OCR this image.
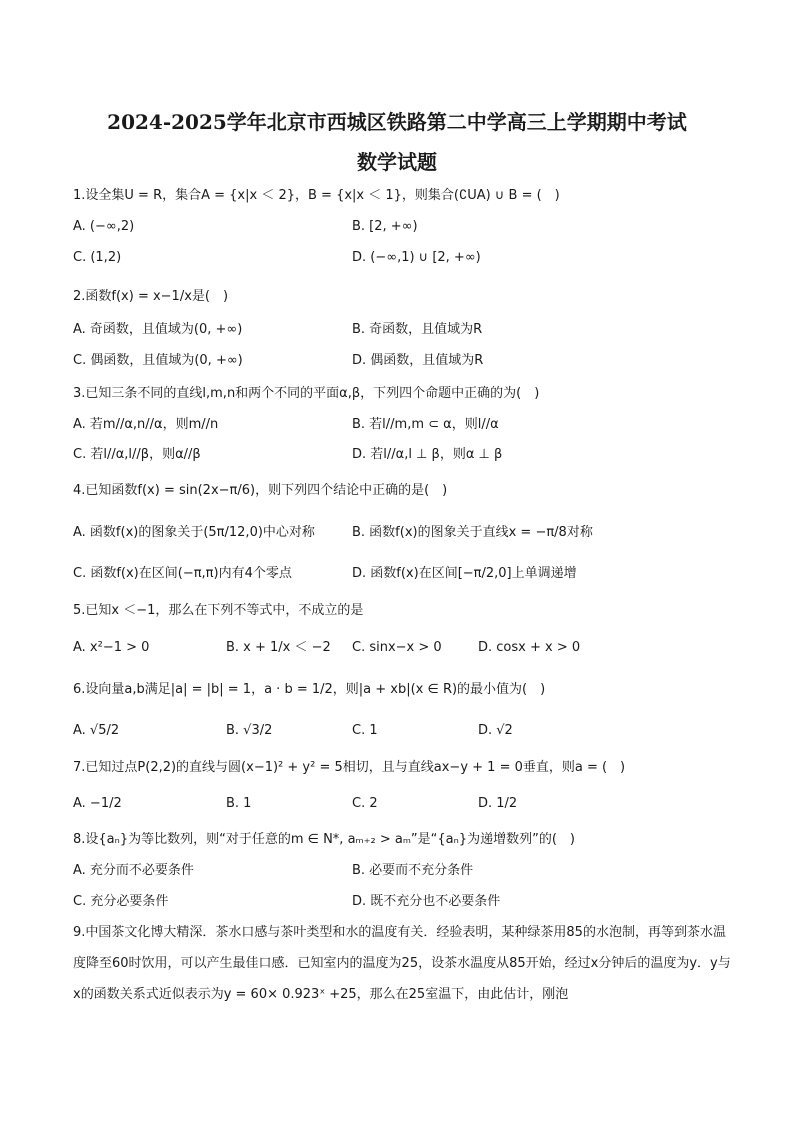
2024-2025学年北京市西城区铁路第二中学高三上学期期中考试
数学试题
1.设全集U = R，集合A = {x|x ＜ 2}，B = {x|x ＜ 1}，则集合(∁UA) ∪ B = (　)
A. (−∞,2)	B. [2, +∞)
C. (1,2)	D. (−∞,1) ∪ [2, +∞)
2.函数f(x) = x−1/x是(　)
A. 奇函数，且值域为(0, +∞)	B. 奇函数，且值域为R
C. 偶函数，且值域为(0, +∞)	D. 偶函数，且值域为R
3.已知三条不同的直线l,m,n和两个不同的平面α,β，下列四个命题中正确的为(　)
A. 若m//α,n//α，则m//n	B. 若l//m,m ⊂ α，则l//α
C. 若l//α,l//β，则α//β	D. 若l//α,l ⊥ β，则α ⊥ β
4.已知函数f(x) = sin(2x−π/6)，则下列四个结论中正确的是(　)
A. 函数f(x)的图象关于(5π/12,0)中心对称	B. 函数f(x)的图象关于直线x = −π/8对称
C. 函数f(x)在区间(−π,π)内有4个零点	D. 函数f(x)在区间[−π/2,0]上单调递增
5.已知x ＜−1，那么在下列不等式中，不成立的是
A. x²−1 > 0	B. x + 1/x ＜ −2 C. sinx−x > 0	D. cosx + x > 0
6.设向量a,b满足|a| = |b| = 1，a · b = 1/2，则|a + xb|(x ∈ R)的最小值为(　)
A. √5/2	B. √3/2	C. 1	D. √2
7.已知过点P(2,2)的直线与圆(x−1)² + y² = 5相切，且与直线ax−y + 1 = 0垂直，则a = (　)
A. −1/2	B. 1	C. 2	D. 1/2
8.设{aₙ}为等比数列，则“对于任意的m ∈ N*, aₘ₊₂ > aₘ”是“{aₙ}为递增数列”的(　)
A. 充分而不必要条件	B. 必要而不充分条件
C. 充分必要条件	D. 既不充分也不必要条件
9.中国茶文化博大精深．茶水口感与茶叶类型和水的温度有关．经验表明，某种绿茶用85的水泡制，再等到茶水温度降至60时饮用，可以产生最佳口感．已知室内的温度为25，设茶水温度从85开始，经过x分钟后的温度为y．y与x的函数关系式近似表示为y = 60× 0.923ˣ +25，那么在25室温下，由此估计，刚泡
